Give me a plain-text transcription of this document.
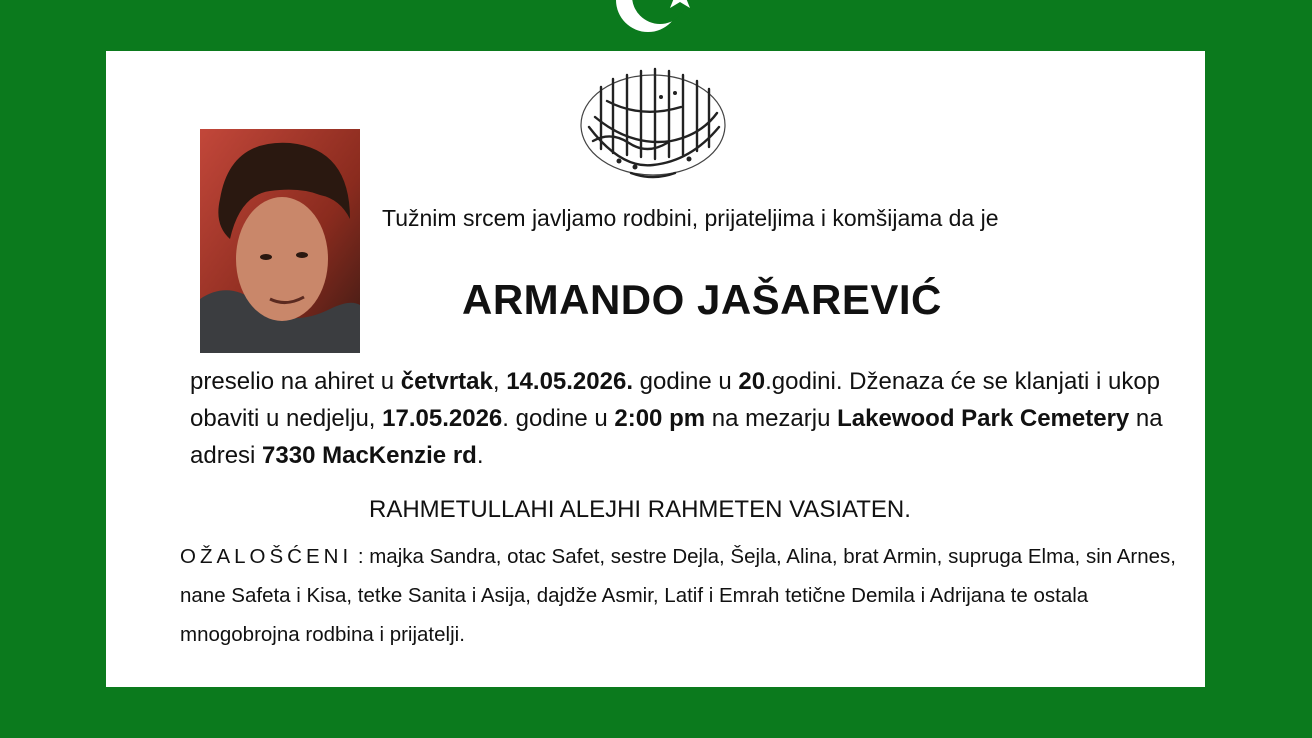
Tužnim srcem javljamo rodbini, prijateljima i komšijama da je
ARMANDO JAŠAREVIĆ
preselio na ahiret u četvrtak, 14.05.2026. godine u 20.godini. Dženaza će se klanjati i ukop obaviti u nedjelju, 17.05.2026. godine u 2:00 pm na mezarju Lakewood Park Cemetery na adresi 7330 MacKenzie rd.
RAHMETULLAHI ALEJHI RAHMETEN VASIATEN.
OŽALOŠĆENI : majka Sandra, otac Safet, sestre Dejla, Šejla, Alina, brat Armin, supruga Elma, sin Arnes, nane Safeta i Kisa, tetke Sanita i Asija, dajdže Asmir, Latif i Emrah tetične Demila i Adrijana te ostala mnogobrojna rodbina i prijatelji.
